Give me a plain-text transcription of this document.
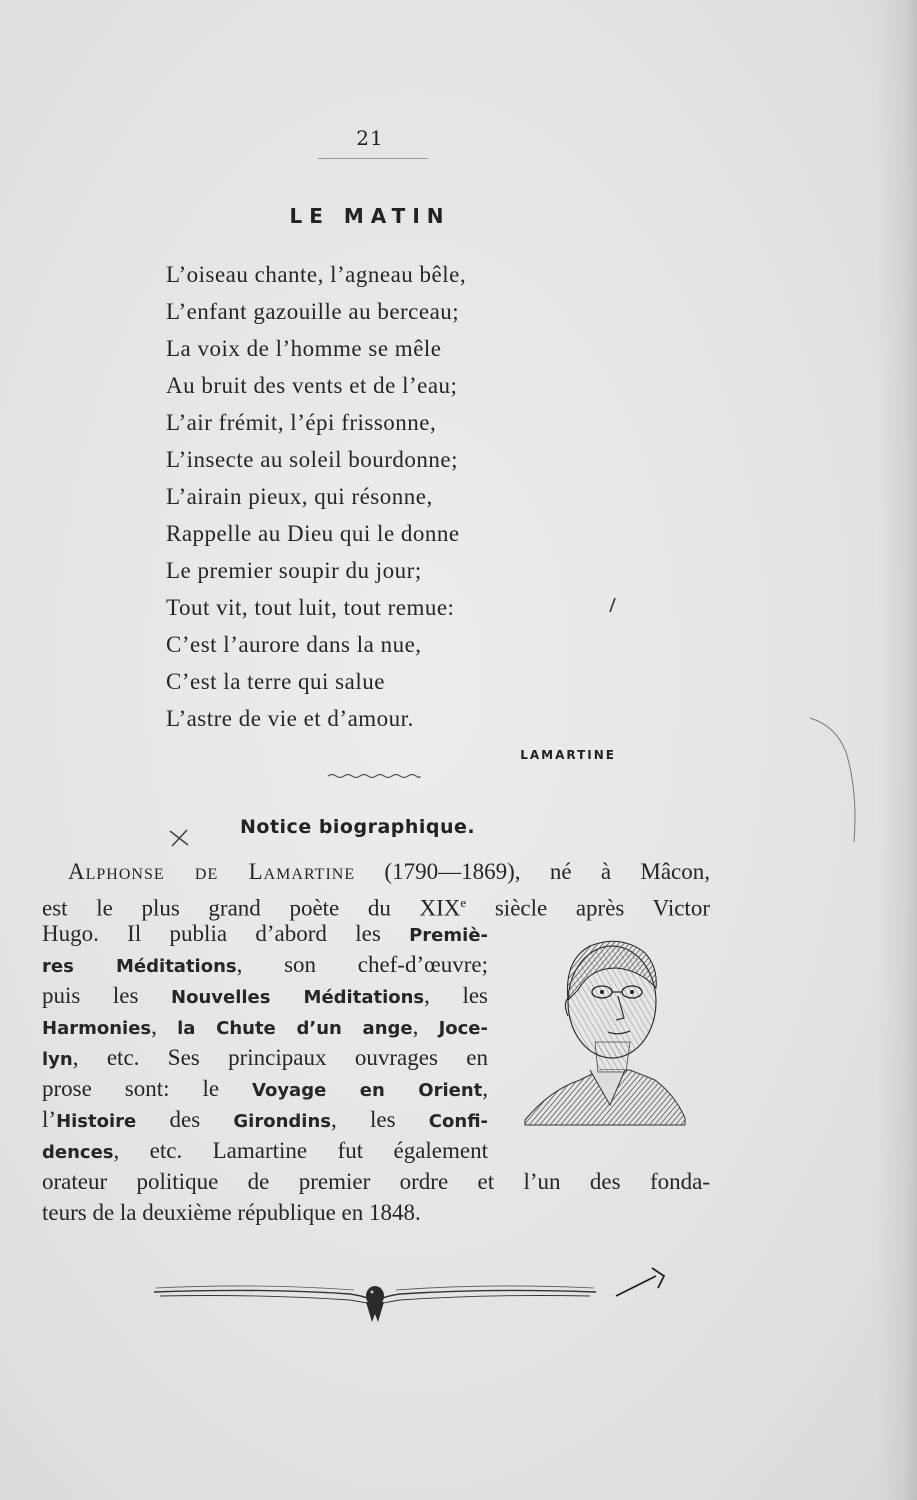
21
LE MATIN
L’oiseau chante, l’agneau bêle,
L’enfant gazouille au berceau;
La voix de l’homme se mêle
Au bruit des vents et de l’eau;
L’air frémit, l’épi frissonne,
L’insecte au soleil bourdonne;
L’airain pieux, qui résonne,
Rappelle au Dieu qui le donne
Le premier soupir du jour;
Tout vit, tout luit, tout remue:
C’est l’aurore dans la nue,
C’est la terre qui salue
L’astre de vie et d’amour.
LAMARTINE
Notice biographique.
Alphonse de Lamartine (1790—1869), né à Mâcon,
est le plus grand poète du XIXe siècle après Victor
Hugo. Il publia d’abord les Premiè-
res Méditations, son chef-d’œuvre;
puis les Nouvelles Méditations, les
Harmonies, la Chute d’un ange, Joce-
lyn, etc. Ses principaux ouvrages en
prose sont: le Voyage en Orient,
l’Histoire des Girondins, les Confi-
dences, etc. Lamartine fut également
orateur politique de premier ordre et l’un des fonda-
teurs de la deuxième république en 1848.
